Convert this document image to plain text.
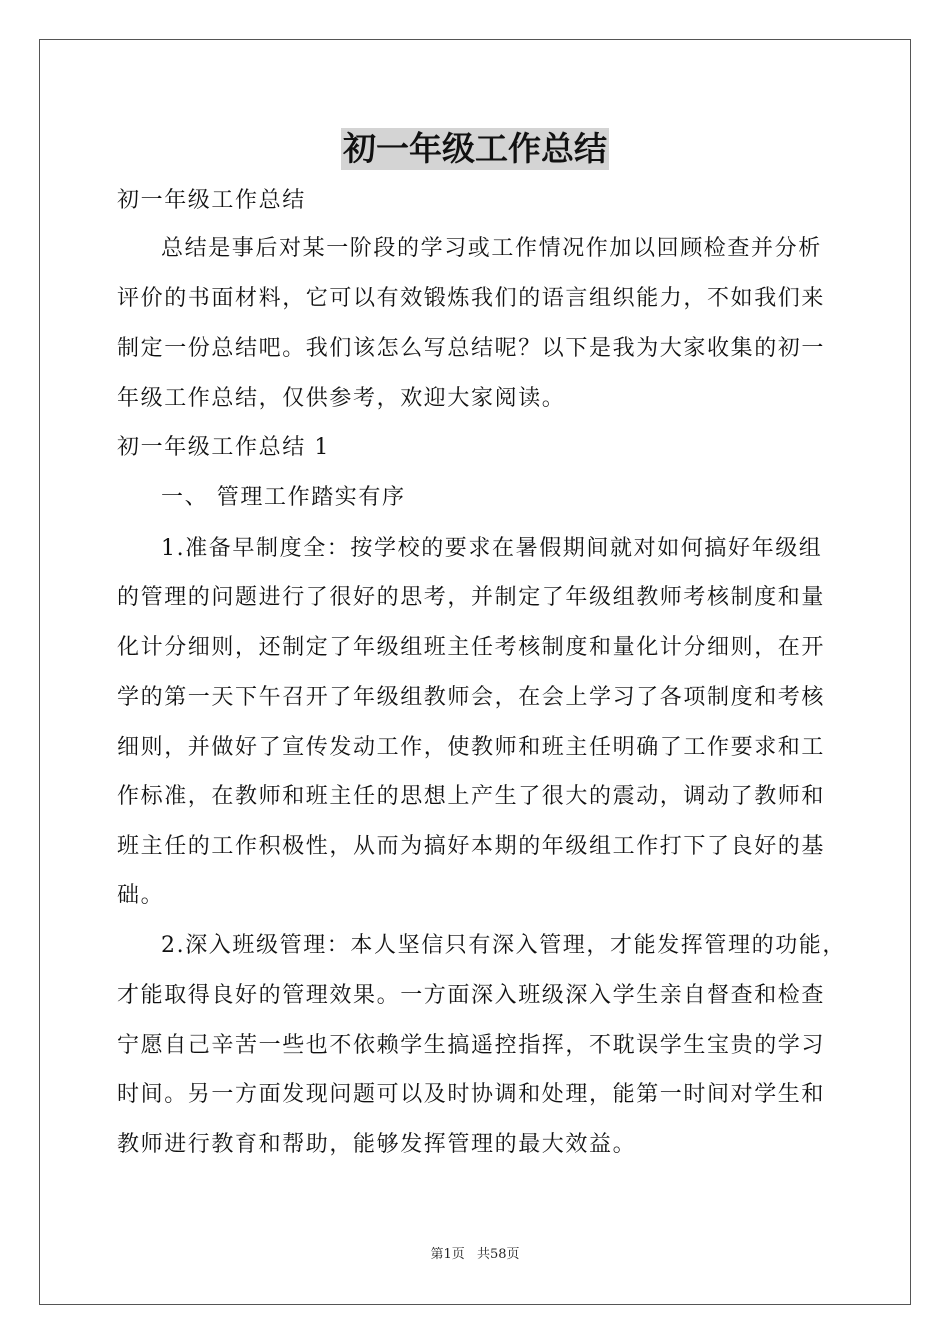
初一年级工作总结
初一年级工作总结
总结是事后对某一阶段的学习或工作情况作加以回顾检查并分析
评价的书面材料，它可以有效锻炼我们的语言组织能力，不如我们来
制定一份总结吧。我们该怎么写总结呢？以下是我为大家收集的初一
年级工作总结，仅供参考，欢迎大家阅读。
初一年级工作总结 1
一、 管理工作踏实有序
1.准备早制度全：按学校的要求在暑假期间就对如何搞好年级组
的管理的问题进行了很好的思考，并制定了年级组教师考核制度和量
化计分细则，还制定了年级组班主任考核制度和量化计分细则，在开
学的第一天下午召开了年级组教师会，在会上学习了各项制度和考核
细则，并做好了宣传发动工作，使教师和班主任明确了工作要求和工
作标准，在教师和班主任的思想上产生了很大的震动，调动了教师和
班主任的工作积极性，从而为搞好本期的年级组工作打下了良好的基
础。
2.深入班级管理：本人坚信只有深入管理，才能发挥管理的功能，
才能取得良好的管理效果。一方面深入班级深入学生亲自督查和检查
宁愿自己辛苦一些也不依赖学生搞遥控指挥，不耽误学生宝贵的学习
时间。另一方面发现问题可以及时协调和处理，能第一时间对学生和
教师进行教育和帮助，能够发挥管理的最大效益。
第1页 共58页
